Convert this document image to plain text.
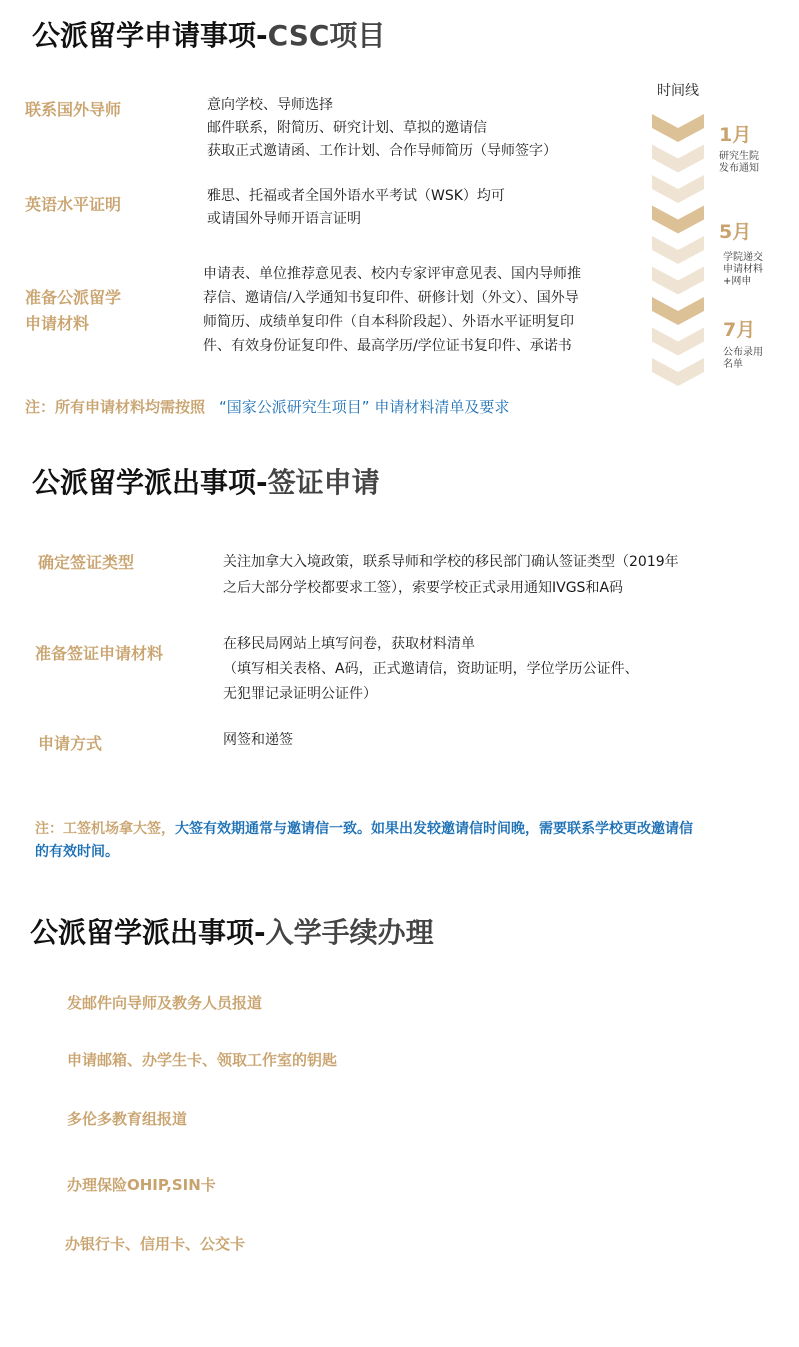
公派留学申请事项-CSC项目
联系国外导师	意向学校、导师选择
邮件联系，附简历、研究计划、草拟的邀请信
获取正式邀请函、工作计划、合作导师简历（导师签字）
英语水平证明	雅思、托福或者全国外语水平考试（WSK）均可
或请国外导师开语言证明
准备公派留学
申请材料
申请表、单位推荐意见表、校内专家评审意见表、国内导师推
荐信、邀请信/入学通知书复印件、研修计划（外文）、国外导
师简历、成绩单复印件（自本科阶段起）、外语水平证明复印
件、有效身份证复印件、最高学历/学位证书复印件、承诺书
注：所有申请材料均需按照 “国家公派研究生项目” 申请材料清单及要求
时间线
1月
研究生院
发布通知
5月
学院递交
申请材料
+网申
7月
公布录用
名单
公派留学派出事项-签证申请
确定签证类型	关注加拿大入境政策，联系导师和学校的移民部门确认签证类型（2019年
之后大部分学校都要求工签），索要学校正式录用通知IVGS和A码
准备签证申请材料	在移民局网站上填写问卷，获取材料清单
（填写相关表格、A码，正式邀请信，资助证明，学位学历公证件、
无犯罪记录证明公证件）
申请方式	网签和递签
注：工签机场拿大签，大签有效期通常与邀请信一致。如果出发较邀请信时间晚，需要联系学校更改邀请信
的有效时间。
公派留学派出事项-入学手续办理
发邮件向导师及教务人员报道
申请邮箱、办学生卡、领取工作室的钥匙
多伦多教育组报道
办理保险OHIP,SIN卡
办银行卡、信用卡、公交卡
